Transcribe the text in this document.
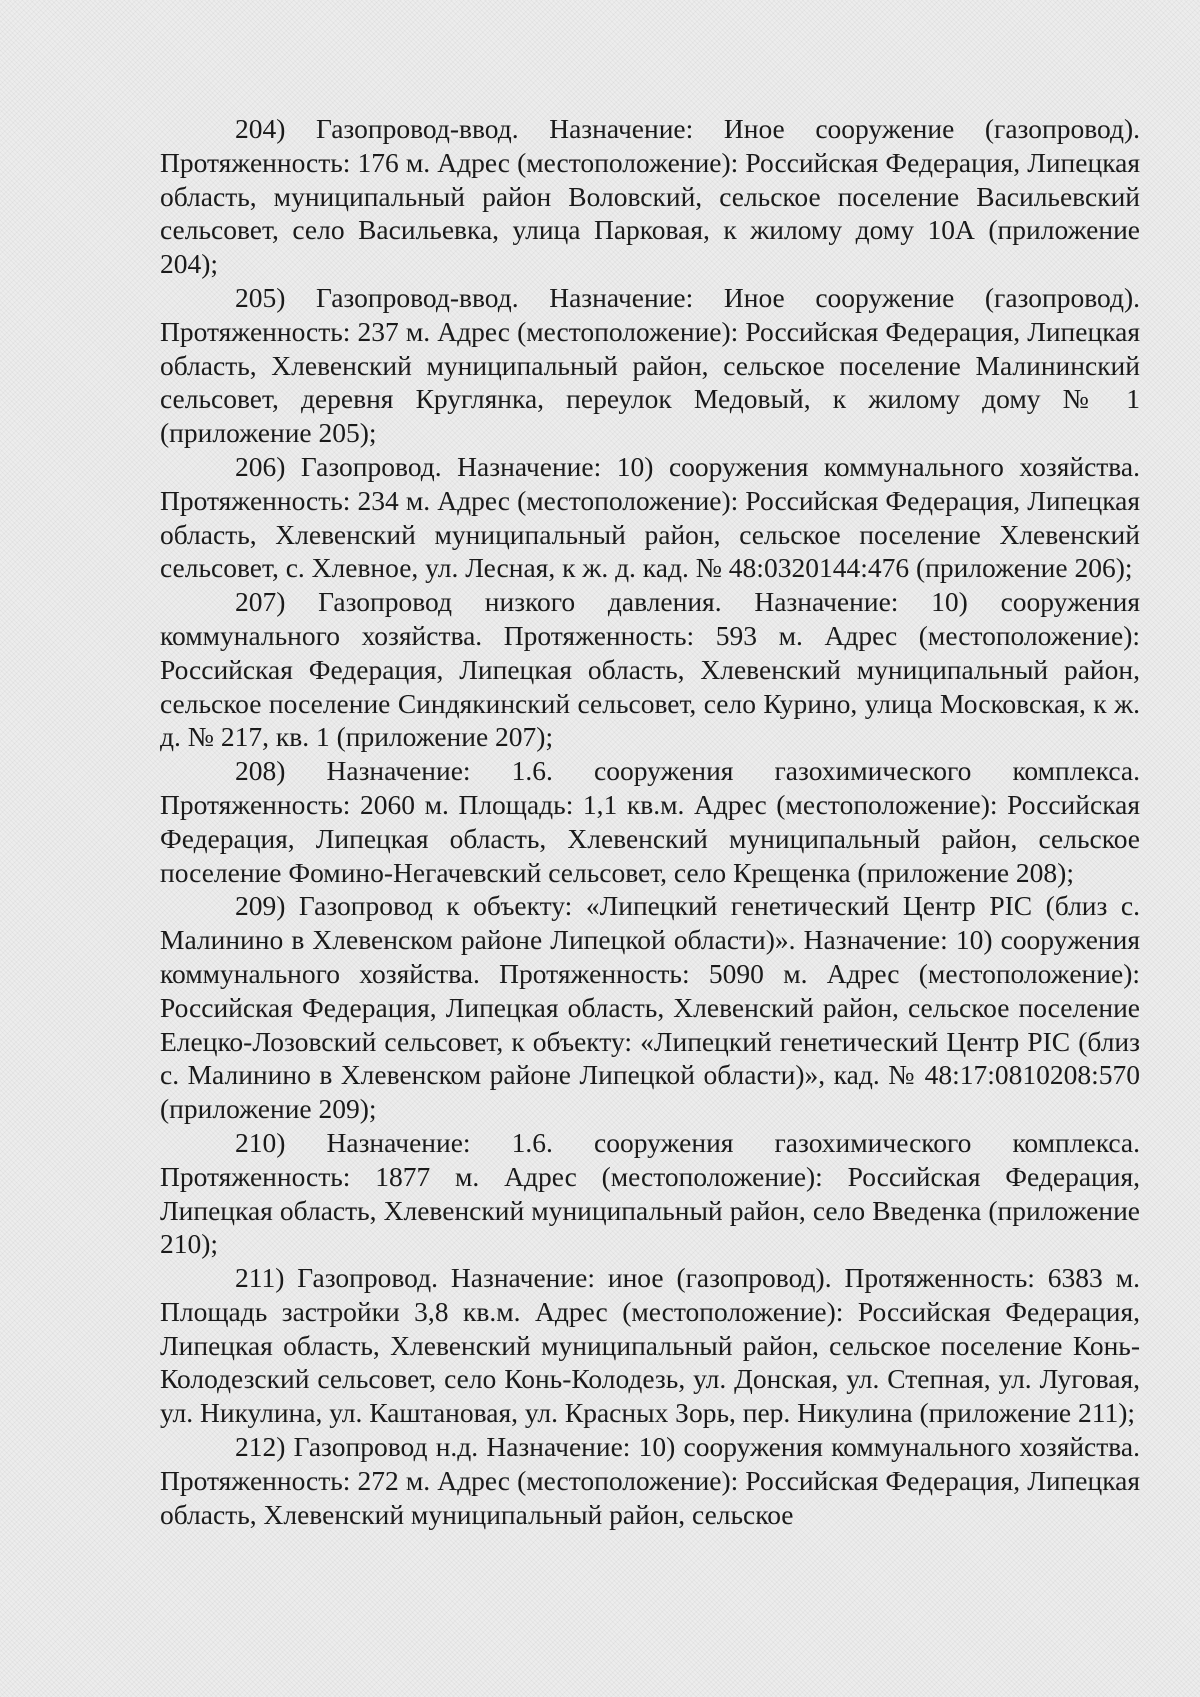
204) Газопровод-ввод. Назначение: Иное сооружение (газопровод). Протяженность: 176 м. Адрес (местоположение): Российская Федерация, Липецкая область, муниципальный район Воловский, сельское поселение Васильевский сельсовет, село Васильевка, улица Парковая, к жилому дому 10А (приложение 204);

205) Газопровод-ввод. Назначение: Иное сооружение (газопровод). Протяженность: 237 м. Адрес (местоположение): Российская Федерация, Липецкая область, Хлевенский муниципальный район, сельское поселение Малининский сельсовет, деревня Круглянка, переулок Медовый, к жилому дому № 1 (приложение 205);

206) Газопровод. Назначение: 10) сооружения коммунального хозяйства. Протяженность: 234 м. Адрес (местоположение): Российская Федерация, Липецкая область, Хлевенский муниципальный район, сельское поселение Хлевенский сельсовет, с. Хлевное, ул. Лесная, к ж. д. кад. № 48:0320144:476 (приложение 206);

207) Газопровод низкого давления. Назначение: 10) сооружения коммунального хозяйства. Протяженность: 593 м. Адрес (местоположение): Российская Федерация, Липецкая область, Хлевенский муниципальный район, сельское поселение Синдякинский сельсовет, село Курино, улица Московская, к ж. д. № 217, кв. 1 (приложение 207);

208) Назначение: 1.6. сооружения газохимического комплекса. Протяженность: 2060 м. Площадь: 1,1 кв.м. Адрес (местоположение): Российская Федерация, Липецкая область, Хлевенский муниципальный район, сельское поселение Фомино-Негачевский сельсовет, село Крещенка (приложение 208);

209) Газопровод к объекту: «Липецкий генетический Центр PIC (близ с. Малинино в Хлевенском районе Липецкой области)». Назначение: 10) сооружения коммунального хозяйства. Протяженность: 5090 м. Адрес (местоположение): Российская Федерация, Липецкая область, Хлевенский район, сельское поселение Елецко-Лозовский сельсовет, к объекту: «Липецкий генетический Центр PIC (близ с. Малинино в Хлевенском районе Липецкой области)», кад. № 48:17:0810208:570 (приложение 209);

210) Назначение: 1.6. сооружения газохимического комплекса. Протяженность: 1877 м. Адрес (местоположение): Российская Федерация, Липецкая область, Хлевенский муниципальный район, село Введенка (приложение 210);

211) Газопровод. Назначение: иное (газопровод). Протяженность: 6383 м. Площадь застройки 3,8 кв.м. Адрес (местоположение): Российская Федерация, Липецкая область, Хлевенский муниципальный район, сельское поселение Конь-Колодезский сельсовет, село Конь-Колодезь, ул. Донская, ул. Степная, ул. Луговая, ул. Никулина, ул. Каштановая, ул. Красных Зорь, пер. Никулина (приложение 211);

212) Газопровод н.д. Назначение: 10) сооружения коммунального хозяйства. Протяженность: 272 м. Адрес (местоположение): Российская Федерация, Липецкая область, Хлевенский муниципальный район, сельское
